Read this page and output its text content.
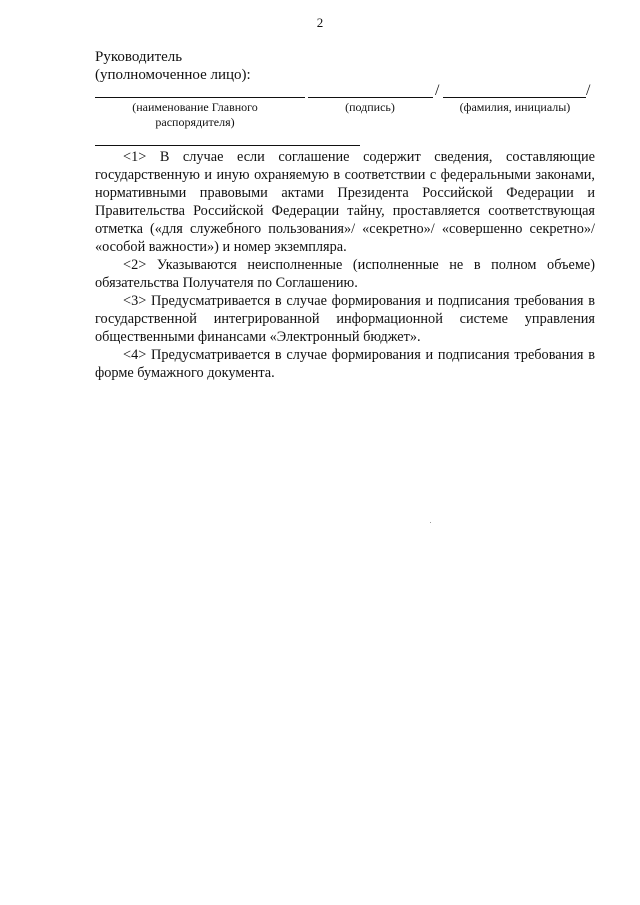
2
Руководитель
(уполномоченное лицо):
/	/
(наименование Главного распорядителя)
(подпись)	(фамилия, инициалы)

<1> В случае если соглашение содержит сведения, составляющие государственную и иную охраняемую в соответствии с федеральными законами, нормативными правовыми актами Президента Российской Федерации и Правительства Российской Федерации тайну, проставляется соответствующая отметка («для служебного пользования»/ «секретно»/ «совершенно секретно»/ «особой важности») и номер экземпляра.

<2> Указываются неисполненные (исполненные не в полном объеме) обязательства Получателя по Соглашению.

<3> Предусматривается в случае формирования и подписания требования в государственной интегрированной информационной системе управления общественными финансами «Электронный бюджет».

<4> Предусматривается в случае формирования и подписания требования в форме бумажного документа.
